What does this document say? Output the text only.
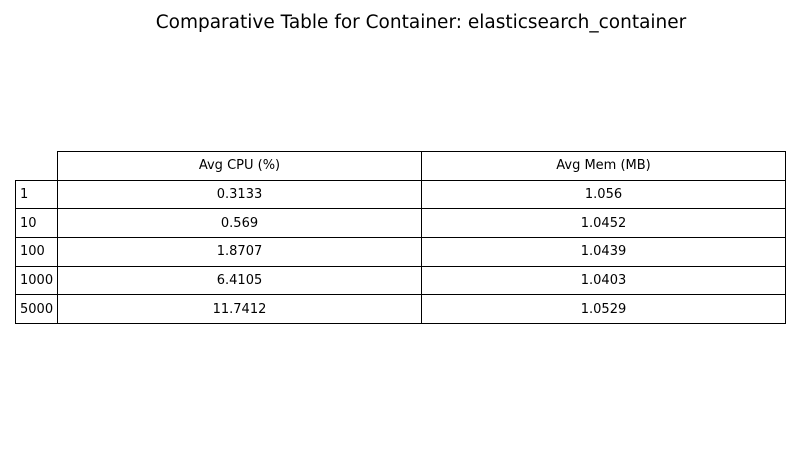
Comparative Table for Container: elasticsearch_container
	Avg CPU (%)	Avg Mem (MB)
1	0.3133	1.056
10	0.569	1.0452
100	1.8707	1.0439
1000	6.4105	1.0403
5000	11.7412	1.0529
